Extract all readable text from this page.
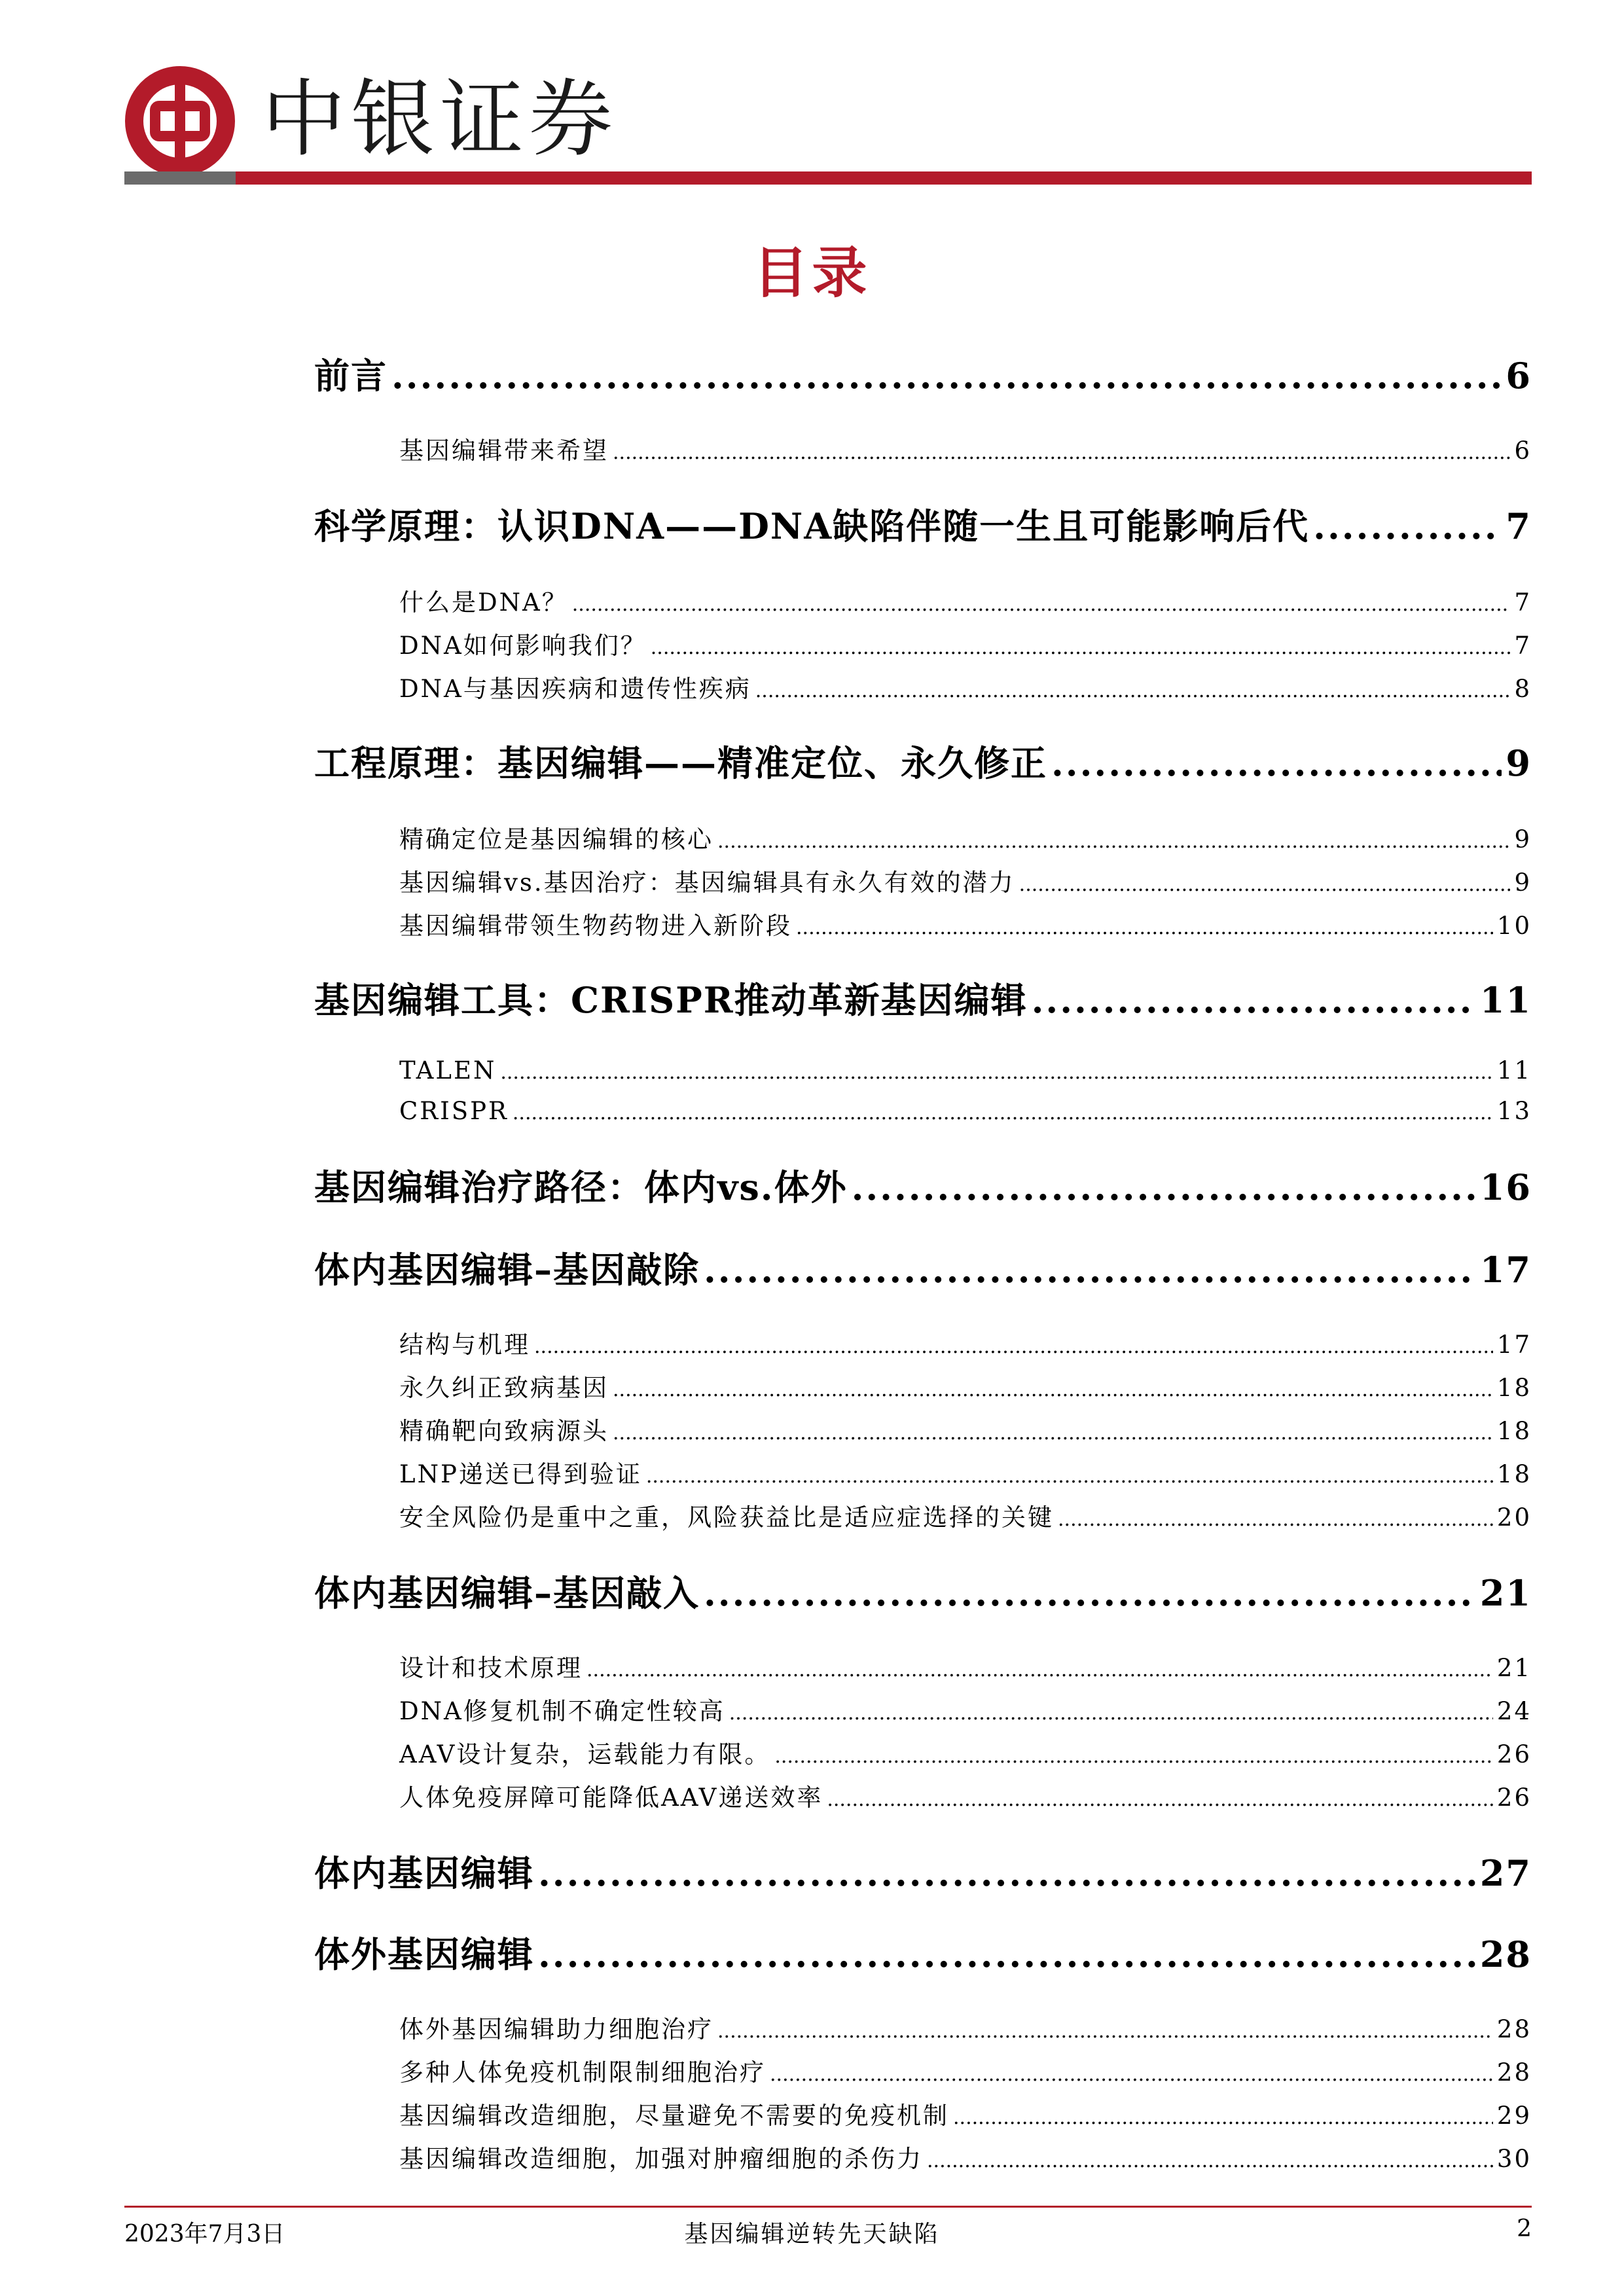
中银证券
目录
前言 .....	6
基因编辑带来希望 .....	6
科学原理：认识DNA——DNA缺陷伴随一生且可能影响后代 .....	7
什么是DNA？ .....	7
DNA如何影响我们？ .....	7
DNA与基因疾病和遗传性疾病 .....	8
工程原理：基因编辑——精准定位、永久修正 .....	9
精确定位是基因编辑的核心 .....	9
基因编辑vs.基因治疗：基因编辑具有永久有效的潜力 .....	9
基因编辑带领生物药物进入新阶段 .....	10
基因编辑工具：CRISPR推动革新基因编辑 .....	11
TALEN .....	11
CRISPR .....	13
基因编辑治疗路径：体内vs.体外 .....	16
体内基因编辑–基因敲除 .....	17
结构与机理 .....	17
永久纠正致病基因 .....	18
精确靶向致病源头 .....	18
LNP递送已得到验证 .....	18
安全风险仍是重中之重，风险获益比是适应症选择的关键 .....	20
体内基因编辑–基因敲入 .....	21
设计和技术原理 .....	21
DNA修复机制不确定性较高 .....	24
AAV设计复杂，运载能力有限。 .....	26
人体免疫屏障可能降低AAV递送效率 .....	26
体内基因编辑 .....	27
体外基因编辑 .....	28
体外基因编辑助力细胞治疗 .....	28
多种人体免疫机制限制细胞治疗 .....	28
基因编辑改造细胞，尽量避免不需要的免疫机制 .....	29
基因编辑改造细胞，加强对肿瘤细胞的杀伤力 .....	30
2023年7月3日	基因编辑逆转先天缺陷	2
